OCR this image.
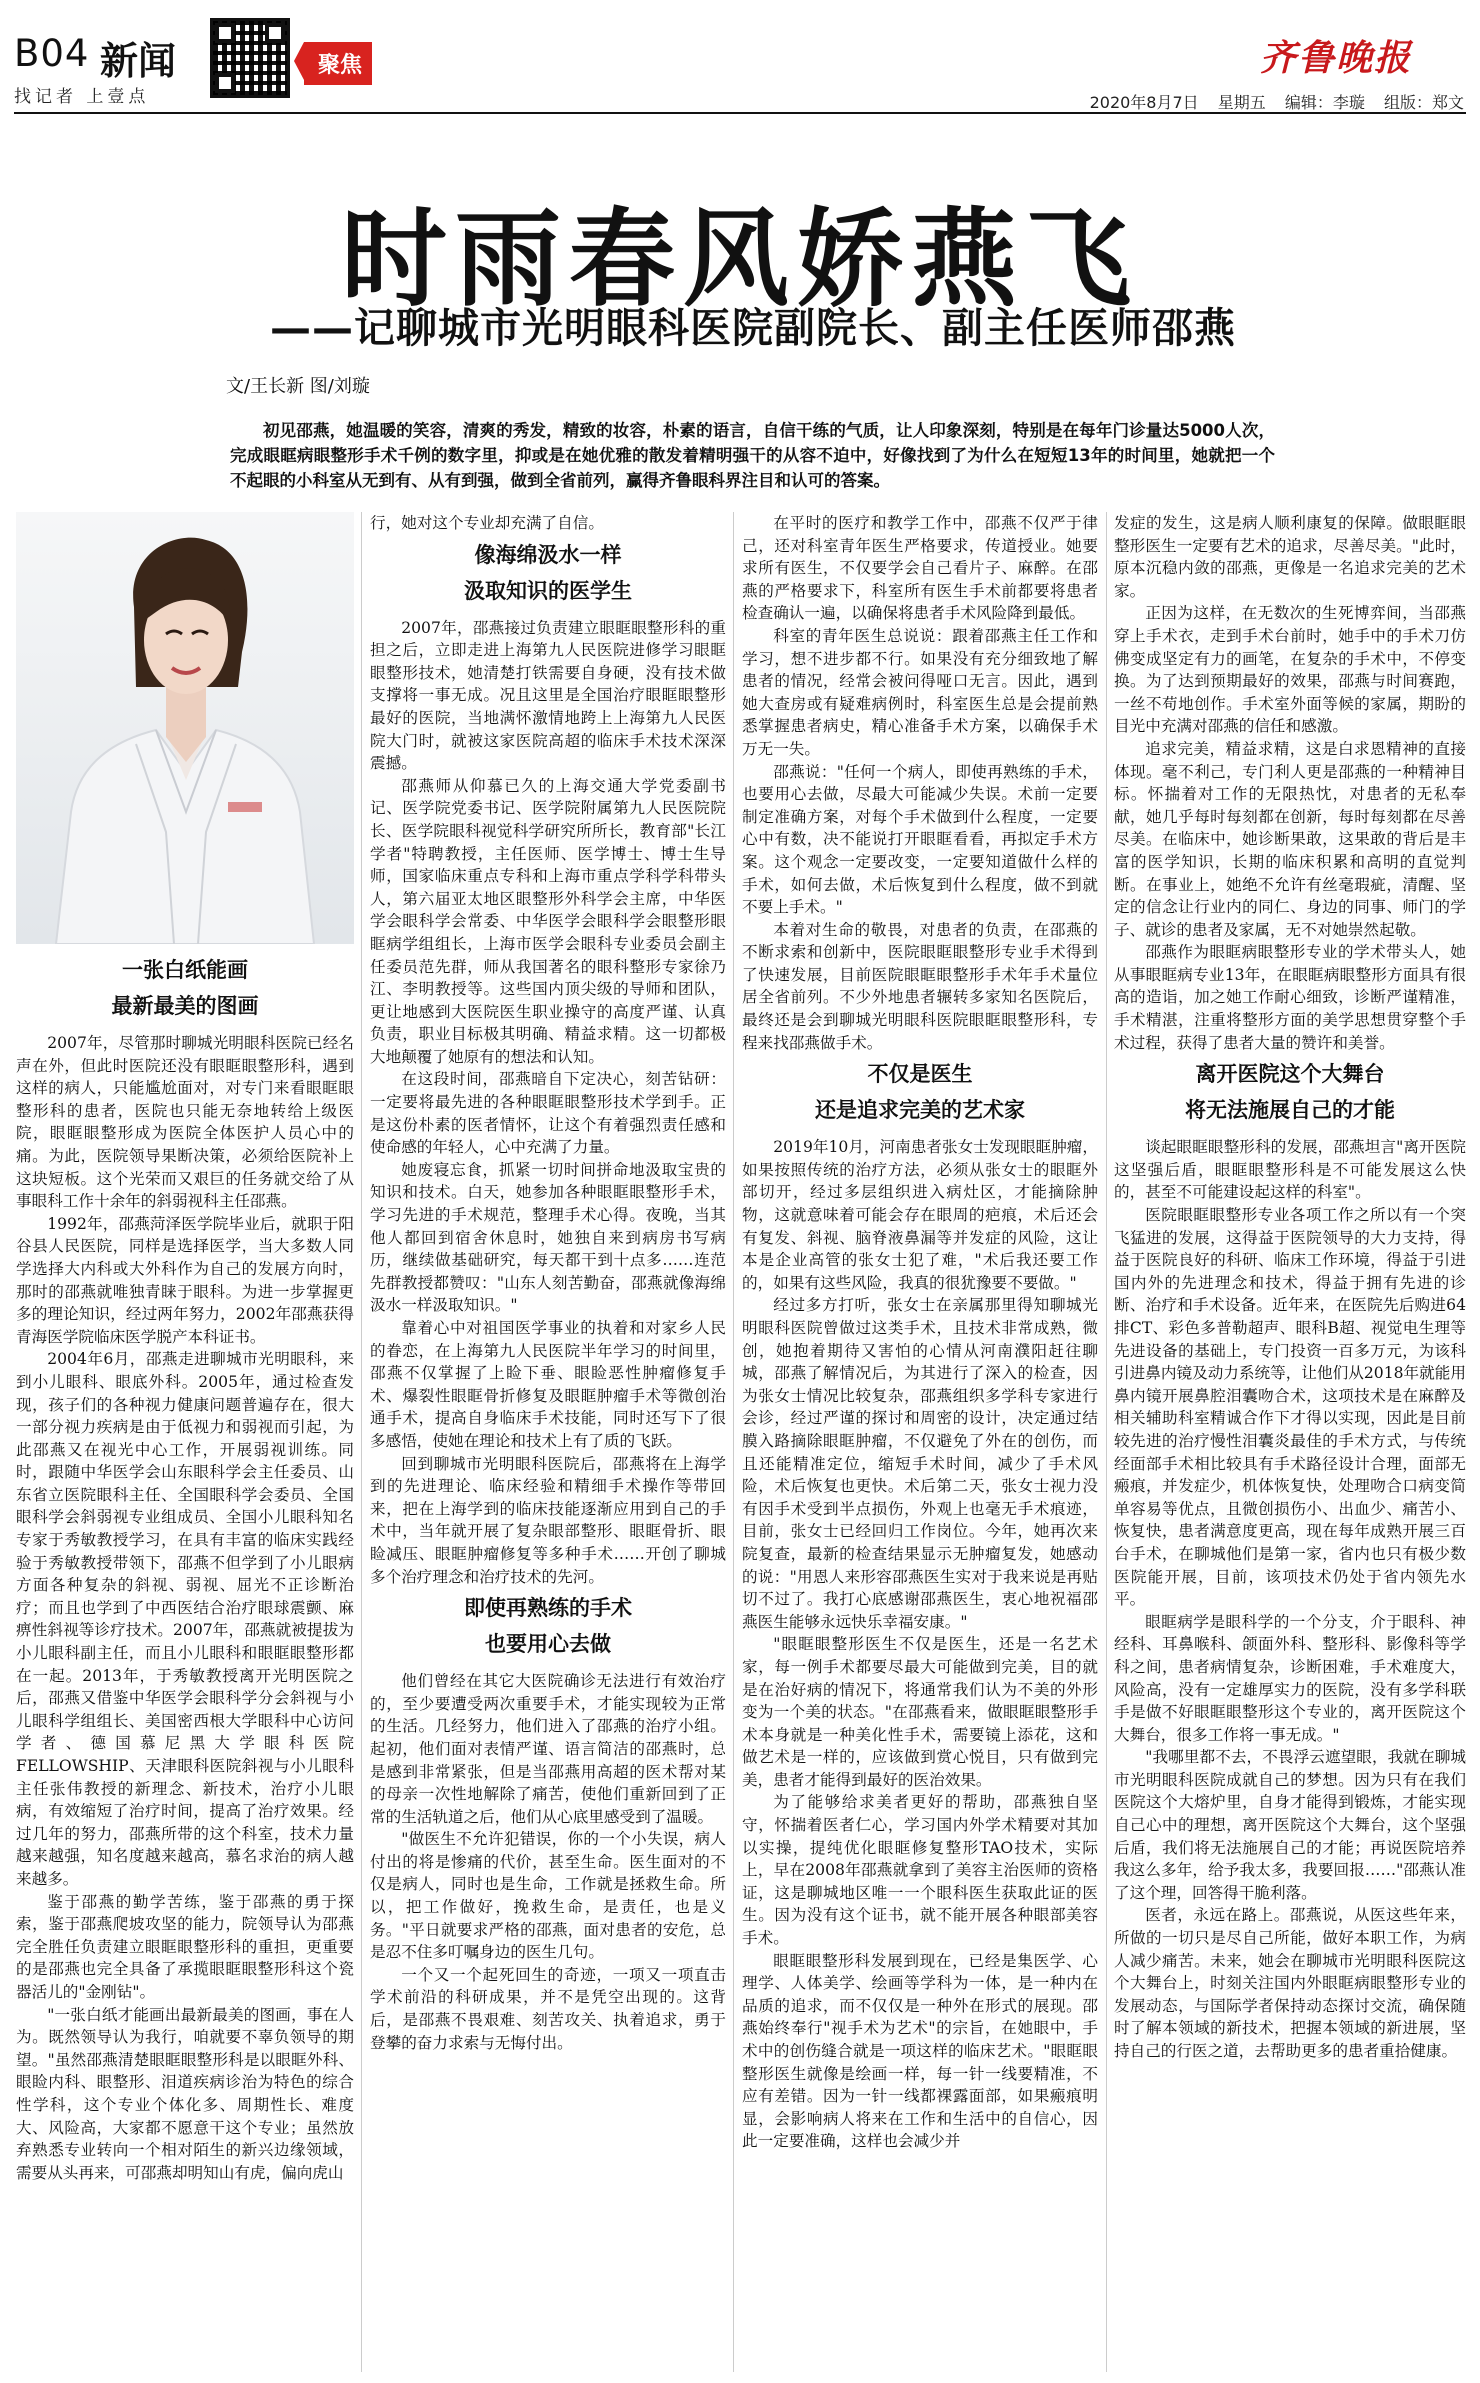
B04 新闻
找记者 上壹点
聚焦	齐鲁晚报
2020年8月7日 星期五 编辑：李璇 组版：郑文
时雨春风娇燕飞
——记聊城市光明眼科医院副院长、副主任医师邵燕
文/王长新 图/刘璇
初见邵燕，她温暖的笑容，清爽的秀发，精致的妆容，朴素的语言，自信干练的气质，让人印象深刻，特别是在每年门诊量达5000人次，完成眼眶病眼整形手术千例的数字里，抑或是在她优雅的散发着精明强干的从容不迫中，好像找到了为什么在短短13年的时间里，她就把一个不起眼的小科室从无到有、从有到强，做到全省前列，赢得齐鲁眼科界注目和认可的答案。
一张白纸能画
最新最美的图画

2007年，尽管那时聊城光明眼科医院已经名声在外，但此时医院还没有眼眶眼整形科，遇到这样的病人，只能尴尬面对，对专门来看眼眶眼整形科的患者，医院也只能无奈地转给上级医院，眼眶眼整形成为医院全体医护人员心中的痛。为此，医院领导果断决策，必须给医院补上这块短板。这个光荣而又艰巨的任务就交给了从事眼科工作十余年的斜弱视科主任邵燕。

1992年，邵燕菏泽医学院毕业后，就职于阳谷县人民医院，同样是选择医学，当大多数人同学选择大内科或大外科作为自己的发展方向时，那时的邵燕就唯独青睐于眼科。为进一步掌握更多的理论知识，经过两年努力，2002年邵燕获得青海医学院临床医学脱产本科证书。

2004年6月，邵燕走进聊城市光明眼科，来到小儿眼科、眼底外科。2005年，通过检查发现，孩子们的各种视力健康问题普遍存在，很大一部分视力疾病是由于低视力和弱视而引起，为此邵燕又在视光中心工作，开展弱视训练。同时，跟随中华医学会山东眼科学会主任委员、山东省立医院眼科主任、全国眼科学会委员、全国眼科学会斜弱视专业组成员、全国小儿眼科知名专家于秀敏教授学习，在具有丰富的临床实践经验于秀敏教授带领下，邵燕不但学到了小儿眼病方面各种复杂的斜视、弱视、屈光不正诊断治疗；而且也学到了中西医结合治疗眼球震颤、麻痹性斜视等诊疗技术。2007年，邵燕就被提拔为小儿眼科副主任，而且小儿眼科和眼眶眼整形都在一起。2013年，于秀敏教授离开光明医院之后，邵燕又借鉴中华医学会眼科学分会斜视与小儿眼科学组组长、美国密西根大学眼科中心访问学者、德国慕尼黑大学眼科医院FELLOWSHIP、天津眼科医院斜视与小儿眼科主任张伟教授的新理念、新技术，治疗小儿眼病，有效缩短了治疗时间，提高了治疗效果。经过几年的努力，邵燕所带的这个科室，技术力量越来越强，知名度越来越高，慕名求治的病人越来越多。

鉴于邵燕的勤学苦练，鉴于邵燕的勇于探索，鉴于邵燕爬坡攻坚的能力，院领导认为邵燕完全胜任负责建立眼眶眼整形科的重担，更重要的是邵燕也完全具备了承揽眼眶眼整形科这个瓷器活儿的"金刚钻"。

"一张白纸才能画出最新最美的图画，事在人为。既然领导认为我行，咱就要不辜负领导的期望。"虽然邵燕清楚眼眶眼整形科是以眼眶外科、眼睑内科、眼整形、泪道疾病诊治为特色的综合性学科，这个专业个体化多、周期性长、难度大、风险高，大家都不愿意干这个专业；虽然放弃熟悉专业转向一个相对陌生的新兴边缘领域，需要从头再来，可邵燕却明知山有虎，偏向虎山

行，她对这个专业却充满了自信。

像海绵汲水一样
汲取知识的医学生

2007年，邵燕接过负责建立眼眶眼整形科的重担之后，立即走进上海第九人民医院进修学习眼眶眼整形技术，她清楚打铁需要自身硬，没有技术做支撑将一事无成。况且这里是全国治疗眼眶眼整形最好的医院，当地满怀激情地跨上上海第九人民医院大门时，就被这家医院高超的临床手术技术深深震撼。

邵燕师从仰慕已久的上海交通大学党委副书记、医学院党委书记、医学院附属第九人民医院院长、医学院眼科视觉科学研究所所长，教育部"长江学者"特聘教授，主任医师、医学博士、博士生导师，国家临床重点专科和上海市重点学科学科带头人，第六届亚太地区眼整形外科学会主席，中华医学会眼科学会常委、中华医学会眼科学会眼整形眼眶病学组组长，上海市医学会眼科专业委员会副主任委员范先群，师从我国著名的眼科整形专家徐乃江、李明教授等。这些国内顶尖级的导师和团队，更让地感到大医院医生职业操守的高度严谨、认真负责，职业目标极其明确、精益求精。这一切都极大地颠覆了她原有的想法和认知。

在这段时间，邵燕暗自下定决心，刻苦钻研：一定要将最先进的各种眼眶眼整形技术学到手。正是这份朴素的医者情怀，让这个有着强烈责任感和使命感的年轻人，心中充满了力量。

她废寝忘食，抓紧一切时间拼命地汲取宝贵的知识和技术。白天，她参加各种眼眶眼整形手术，学习先进的手术规范，整理手术心得。夜晚，当其他人都回到宿舍休息时，她独自来到病房书写病历，继续做基础研究，每天都干到十点多……连范先群教授都赞叹："山东人刻苦勤奋，邵燕就像海绵汲水一样汲取知识。"

靠着心中对祖国医学事业的执着和对家乡人民的眷恋，在上海第九人民医院半年学习的时间里，邵燕不仅掌握了上睑下垂、眼睑恶性肿瘤修复手术、爆裂性眼眶骨折修复及眼眶肿瘤手术等微创治通手术，提高自身临床手术技能，同时还写下了很多感悟，使她在理论和技术上有了质的飞跃。

回到聊城市光明眼科医院后，邵燕将在上海学到的先进理论、临床经验和精细手术操作等带回来，把在上海学到的临床技能逐渐应用到自己的手术中，当年就开展了复杂眼部整形、眼眶骨折、眼睑减压、眼眶肿瘤修复等多种手术……开创了聊城多个治疗理念和治疗技术的先河。

即使再熟练的手术
也要用心去做

他们曾经在其它大医院确诊无法进行有效治疗的，至少要遭受两次重要手术，才能实现较为正常的生活。几经努力，他们进入了邵燕的治疗小组。起初，他们面对表情严谨、语言简洁的邵燕时，总是感到非常紧张，但是当邵燕用高超的医术帮对某的母亲一次性地解除了痛苦，使他们重新回到了正常的生活轨道之后，他们从心底里感受到了温暖。

"做医生不允许犯错误，你的一个小失误，病人付出的将是惨痛的代价，甚至生命。医生面对的不仅是病人，同时也是生命，工作就是拯救生命。所以，把工作做好，挽救生命，是责任，也是义务。"平日就要求严格的邵燕，面对患者的安危，总是忍不住多叮嘱身边的医生几句。

一个又一个起死回生的奇迹，一项又一项直击学术前沿的科研成果，并不是凭空出现的。这背后，是邵燕不畏艰难、刻苦攻关、执着追求，勇于登攀的奋力求索与无悔付出。

在平时的医疗和教学工作中，邵燕不仅严于律己，还对科室青年医生严格要求，传道授业。她要求所有医生，不仅要学会自己看片子、麻醉。在邵燕的严格要求下，科室所有医生手术前都要将患者检查确认一遍，以确保将患者手术风险降到最低。

科室的青年医生总说说：跟着邵燕主任工作和学习，想不进步都不行。如果没有充分细致地了解患者的情况，经常会被问得哑口无言。因此，遇到她大查房或有疑难病例时，科室医生总是会提前熟悉掌握患者病史，精心准备手术方案，以确保手术万无一失。

邵燕说："任何一个病人，即使再熟练的手术，也要用心去做，尽最大可能减少失误。术前一定要制定准确方案，对每个手术做到什么程度，一定要心中有数，决不能说打开眼眶看看，再拟定手术方案。这个观念一定要改变，一定要知道做什么样的手术，如何去做，术后恢复到什么程度，做不到就不要上手术。"

本着对生命的敬畏，对患者的负责，在邵燕的不断求索和创新中，医院眼眶眼整形专业手术得到了快速发展，目前医院眼眶眼整形手术年手术量位居全省前列。不少外地患者辗转多家知名医院后，最终还是会到聊城光明眼科医院眼眶眼整形科，专程来找邵燕做手术。

不仅是医生
还是追求完美的艺术家

2019年10月，河南患者张女士发现眼眶肿瘤，如果按照传统的治疗方法，必须从张女士的眼眶外部切开，经过多层组织进入病灶区，才能摘除肿物，这就意味着可能会存在眼周的疤痕，术后还会有复发、斜视、脑脊液鼻漏等并发症的风险，这让本是企业高管的张女士犯了难，"术后我还要工作的，如果有这些风险，我真的很犹豫要不要做。"

经过多方打听，张女士在亲属那里得知聊城光明眼科医院曾做过这类手术，且技术非常成熟，微创，她抱着期待又害怕的心情从河南濮阳赶往聊城，邵燕了解情况后，为其进行了深入的检查，因为张女士情况比较复杂，邵燕组织多学科专家进行会诊，经过严谨的探讨和周密的设计，决定通过结膜入路摘除眼眶肿瘤，不仅避免了外在的创伤，而且还能精准定位，缩短手术时间，减少了手术风险，术后恢复也更快。术后第二天，张女士视力没有因手术受到半点损伤，外观上也毫无手术痕迹，目前，张女士已经回归工作岗位。今年，她再次来院复查，最新的检查结果显示无肿瘤复发，她感动的说："用恩人来形容邵燕医生实对于我来说是再贴切不过了。我打心底感谢邵燕医生，衷心地祝福邵燕医生能够永远快乐幸福安康。"

"眼眶眼整形医生不仅是医生，还是一名艺术家，每一例手术都要尽最大可能做到完美，目的就是在治好病的情况下，将通常我们认为不美的外形变为一个美的状态。"在邵燕看来，做眼眶眼整形手术本身就是一种美化性手术，需要镜上添花，这和做艺术是一样的，应该做到赏心悦目，只有做到完美，患者才能得到最好的医治效果。

为了能够给求美者更好的帮助，邵燕独自坚守，怀揣着医者仁心，学习国内外学术精要对其加以实操，提纯优化眼眶修复整形TAO技术，实际上，早在2008年邵燕就拿到了美容主治医师的资格证，这是聊城地区唯一一个眼科医生获取此证的医生。因为没有这个证书，就不能开展各种眼部美容手术。

眼眶眼整形科发展到现在，已经是集医学、心理学、人体美学、绘画等学科为一体，是一种内在品质的追求，而不仅仅是一种外在形式的展现。邵燕始终奉行"视手术为艺术"的宗旨，在她眼中，手术中的创伤缝合就是一项这样的临床艺术。"眼眶眼整形医生就像是绘画一样，每一针一线要精准，不应有差错。因为一针一线都裸露面部，如果瘢痕明显，会影响病人将来在工作和生活中的自信心，因此一定要准确，这样也会减少并

发症的发生，这是病人顺利康复的保障。做眼眶眼整形医生一定要有艺术的追求，尽善尽美。"此时，原本沉稳内敛的邵燕，更像是一名追求完美的艺术家。

正因为这样，在无数次的生死博弈间，当邵燕穿上手术衣，走到手术台前时，她手中的手术刀仿佛变成坚定有力的画笔，在复杂的手术中，不停变换。为了达到预期最好的效果，邵燕与时间赛跑，一丝不苟地创作。手术室外面等候的家属，期盼的目光中充满对邵燕的信任和感激。

追求完美，精益求精，这是白求恩精神的直接体现。毫不利己，专门利人更是邵燕的一种精神目标。怀揣着对工作的无限热忱，对患者的无私奉献，她几乎每时每刻都在创新，每时每刻都在尽善尽美。在临床中，她诊断果敢，这果敢的背后是丰富的医学知识，长期的临床积累和高明的直觉判断。在事业上，她绝不允许有丝毫瑕疵，清醒、坚定的信念让行业内的同仁、身边的同事、师门的学子、就诊的患者及家属，无不对她崇然起敬。

邵燕作为眼眶病眼整形专业的学术带头人，她从事眼眶病专业13年，在眼眶病眼整形方面具有很高的造诣，加之她工作耐心细致，诊断严谨精准，手术精湛，注重将整形方面的美学思想贯穿整个手术过程，获得了患者大量的赞许和美誉。

离开医院这个大舞台
将无法施展自己的才能

谈起眼眶眼整形科的发展，邵燕坦言"离开医院这坚强后盾，眼眶眼整形科是不可能发展这么快的，甚至不可能建设起这样的科室"。

医院眼眶眼整形专业各项工作之所以有一个突飞猛进的发展，这得益于医院领导的大力支持，得益于医院良好的科研、临床工作环境，得益于引进国内外的先进理念和技术，得益于拥有先进的诊断、治疗和手术设备。近年来，在医院先后购进64排CT、彩色多普勒超声、眼科B超、视觉电生理等先进设备的基础上，专门投资一百多万元，为该科引进鼻内镜及动力系统等，让他们从2018年就能用鼻内镜开展鼻腔泪囊吻合术，这项技术是在麻醉及相关辅助科室精诚合作下才得以实现，因此是目前较先进的治疗慢性泪囊炎最佳的手术方式，与传统经面部手术相比较具有手术路径设计合理，面部无瘢痕，并发症少，机体恢复快，处理吻合口病变简单容易等优点，且微创损伤小、出血少、痛苦小、恢复快，患者满意度更高，现在每年成熟开展三百台手术，在聊城他们是第一家，省内也只有极少数医院能开展，目前，该项技术仍处于省内领先水平。

眼眶病学是眼科学的一个分支，介于眼科、神经科、耳鼻喉科、颌面外科、整形科、影像科等学科之间，患者病情复杂，诊断困难，手术难度大，风险高，没有一定雄厚实力的医院，没有多学科联手是做不好眼眶眼整形这个专业的，离开医院这个大舞台，很多工作将一事无成。"

"我哪里都不去，不畏浮云遮望眼，我就在聊城市光明眼科医院成就自己的梦想。因为只有在我们医院这个大熔炉里，自身才能得到锻炼，才能实现自己心中的理想，离开医院这个大舞台，这个坚强后盾，我们将无法施展自己的才能；再说医院培养我这么多年，给予我太多，我要回报……"邵燕认准了这个理，回答得干脆利落。

医者，永远在路上。邵燕说，从医这些年来，所做的一切只是尽自己所能，做好本职工作，为病人减少痛苦。未来，她会在聊城市光明眼科医院这个大舞台上，时刻关注国内外眼眶病眼整形专业的发展动态，与国际学者保持动态探讨交流，确保随时了解本领域的新技术，把握本领域的新进展，坚持自己的行医之道，去帮助更多的患者重拾健康。
